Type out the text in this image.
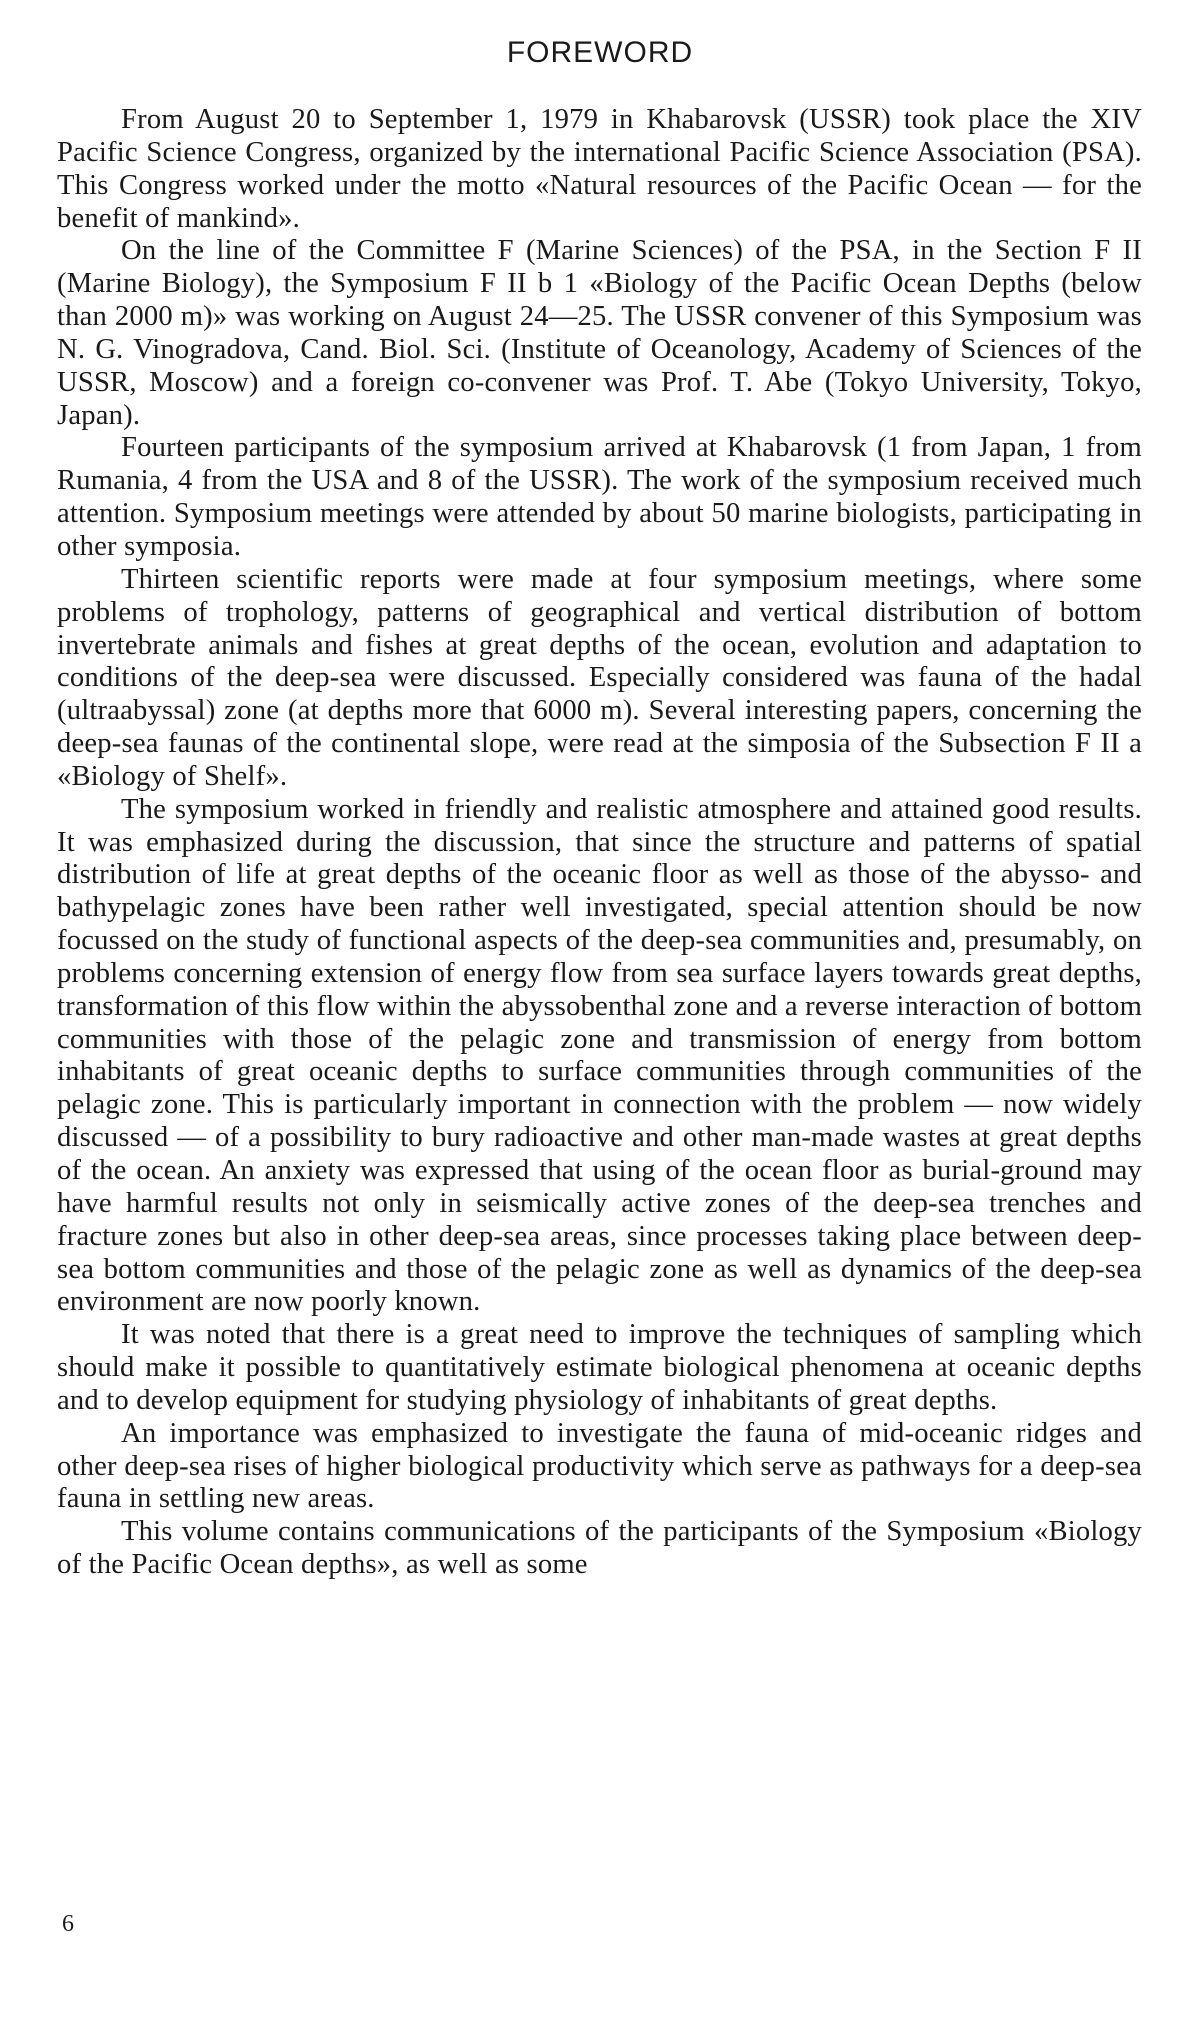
FOREWORD

From August 20 to September 1, 1979 in Khabarovsk (USSR) took place the XIV Pacific Science Congress, organized by the international Pacific Science Association (PSA). This Congress worked under the motto «Natural resources of the Pacific Ocean — for the benefit of mankind».

On the line of the Committee F (Marine Sciences) of the PSA, in the Section F II (Marine Biology), the Symposium F II b 1 «Biology of the Pacific Ocean Depths (below than 2000 m)» was working on August 24—25. The USSR convener of this Symposium was N. G. Vinogradova, Cand. Biol. Sci. (Institute of Oceanology, Academy of Sciences of the USSR, Moscow) and a foreign co-convener was Prof. T. Abe (Tokyo University, Tokyo, Japan).

Fourteen participants of the symposium arrived at Khabarovsk (1 from Japan, 1 from Rumania, 4 from the USA and 8 of the USSR). The work of the symposium received much attention. Symposium meetings were attended by about 50 marine biologists, participating in other symposia.

Thirteen scientific reports were made at four symposium meetings, where some problems of trophology, patterns of geographical and vertical distribution of bottom invertebrate animals and fishes at great depths of the ocean, evolution and adaptation to conditions of the deep-sea were discussed. Especially considered was fauna of the hadal (ultraabyssal) zone (at depths more that 6000 m). Several interesting papers, concerning the deep-sea faunas of the continental slope, were read at the simposia of the Subsection F II a «Biology of Shelf».

The symposium worked in friendly and realistic atmosphere and attained good results. It was emphasized during the discussion, that since the structure and patterns of spatial distribution of life at great depths of the oceanic floor as well as those of the abysso- and bathypelagic zones have been rather well investigated, special attention should be now focussed on the study of functional aspects of the deep-sea communities and, presumably, on problems concerning extension of energy flow from sea surface layers towards great depths, transformation of this flow within the abyssobenthal zone and a reverse interaction of bottom communities with those of the pelagic zone and transmission of energy from bottom inhabitants of great oceanic depths to surface communities through communities of the pelagic zone. This is particularly important in connection with the problem — now widely discussed — of a possibility to bury radioactive and other man-made wastes at great depths of the ocean. An anxiety was expressed that using of the ocean floor as burial-ground may have harmful results not only in seismically active zones of the deep-sea trenches and fracture zones but also in other deep-sea areas, since processes taking place between deep-sea bottom communities and those of the pelagic zone as well as dynamics of the deep-sea environment are now poorly known.

It was noted that there is a great need to improve the techniques of sampling which should make it possible to quantitatively estimate biological phenomena at oceanic depths and to develop equipment for studying physiology of inhabitants of great depths.

An importance was emphasized to investigate the fauna of mid-oceanic ridges and other deep-sea rises of higher biological productivity which serve as pathways for a deep-sea fauna in settling new areas.

This volume contains communications of the participants of the Symposium «Biology of the Pacific Ocean depths», as well as some

6
